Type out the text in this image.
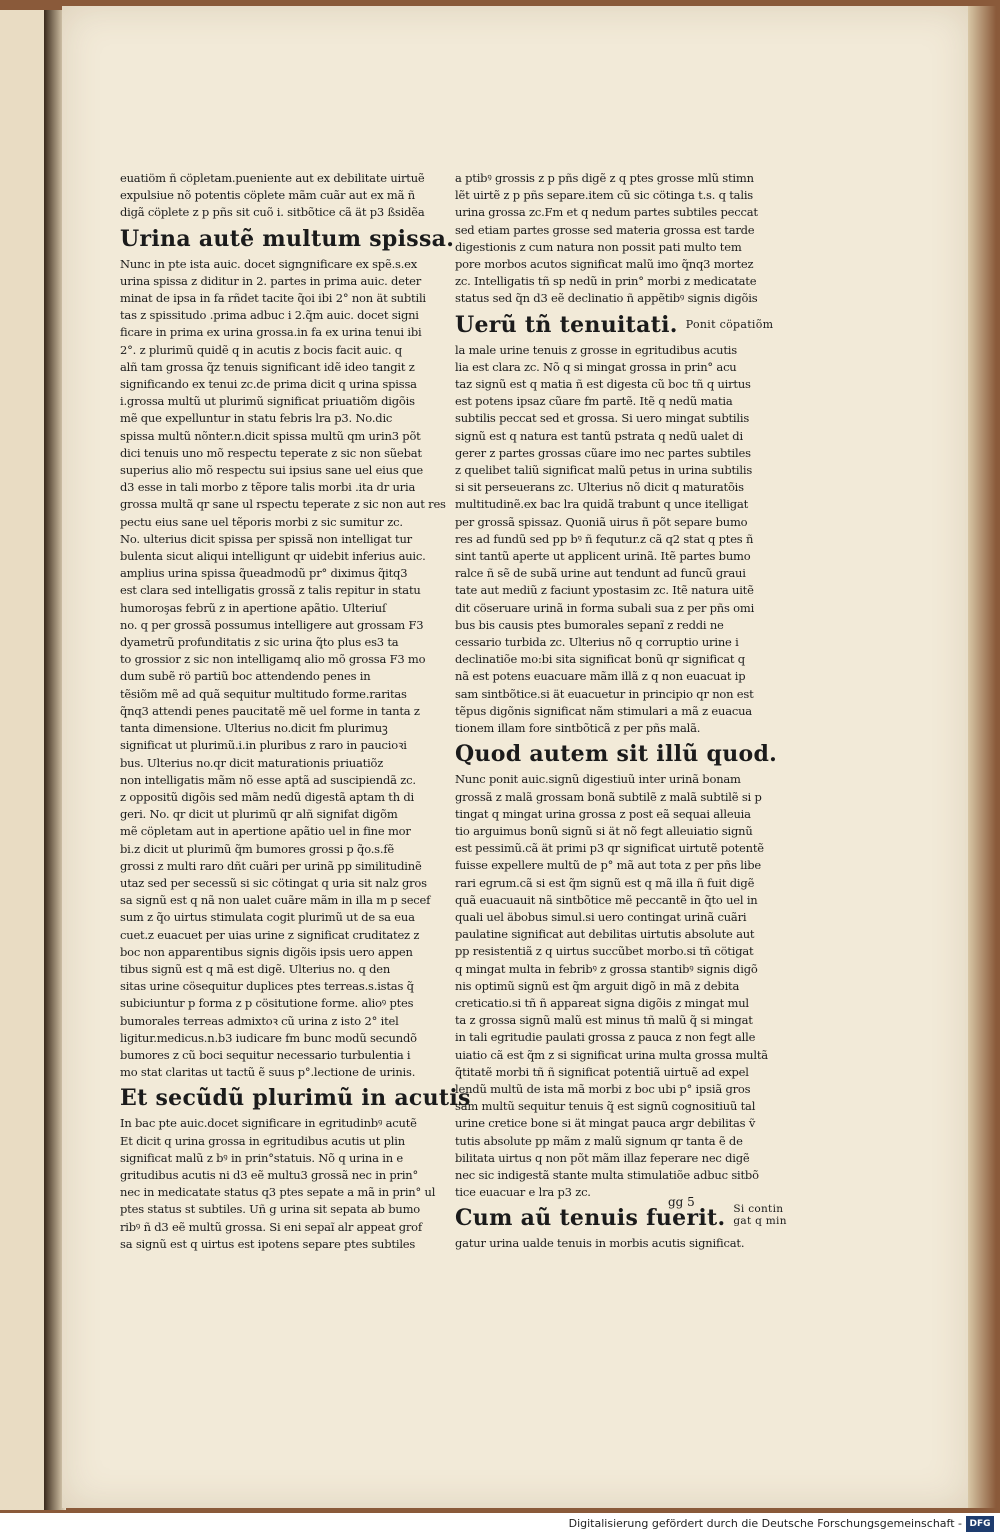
euatiöm ñ cöpletam.pueniente aut ex debilitate uirtuẽ
expulsiue nõ potentis cöplete mãm cuãr aut ex mã ñ
digã cöplete z p pñs sit cuõ i. sitbõtice cã ät p3 ßsidẽa
Urina autẽ multum spissa.
Nunc in pte ista auic. docet signgnificare ex spẽ.s.ex
urina spissa z diditur in 2. partes in prima auic. deter
minat de ipsa in fa rñdet tacite q̃oi ibi 2° non ät subtili
tas z spissitudo .prima adbuc i 2.q̃m auic. docet signi
ficare in prima ex urina grossa.in fa ex urina tenui ibi
2°. z plurimũ quidẽ q in acutis z bocis facit auic. q
alñ tam grossa q̃z tenuis significant idẽ ideo tangit z
significando ex tenui zc.de prima dicit q urina spissa
i.grossa multũ ut plurimũ significat priuatiõm digõis
mẽ que expelluntur in statu febris lra p3. No.dic
spissa multũ nõnter.n.dicit spissa multũ qm urin3 põt
dici tenuis uno mõ respectu teperate z sic non sũebat
superius alio mõ respectu sui ipsius sane uel eius que
d3 esse in tali morbo z tẽpore talis morbi .ita dr uria
grossa multã qr sane ul rspectu teperate z sic non aut res
pectu eius sane uel tẽporis morbi z sic sumitur zc.
No. ulterius dicit spissa per spissã non intelligat tur
bulenta sicut aliqui intelligunt qr uidebit inferius auic.
amplius urina spissa q̃ueadmodũ pr° diximus q̃itq3
est clara sed intelligatis grossã z talis repitur in statu
humoroşas febrũ z in apertione apãtio. Ulteriuſ
no. q per grossã possumus intelligere aut grossam F3
dyametrũ profunditatis z sic urina q̃to plus es3 ta
to grossior z sic non intelligamq alio mõ grossa F3 mo
dum subẽ rö partiũ boc attendendo penes in
tẽsiõm mẽ ad quã sequitur multitudo forme.raritas
q̃nq3 attendi penes paucitatẽ mẽ uel forme in tanta z
tanta dimensione. Ulterius no.dicit fm plurimuꝫ
significat ut plurimũ.i.in pluribus z raro in paucioꝛi
bus. Ulterius no.qr dicit maturationis priuatiõz
non intelligatis mãm nõ esse aptã ad suscipiendã zc.
z oppositũ digõis sed mãm nedũ digestã aptam th di
geri. No. qr dicit ut plurimũ qr alñ signifat digõm
mẽ cöpletam aut in apertione apãtio uel in fine mor
bi.z dicit ut plurimũ q̃m bumores grossi p q̃o.s.fẽ
grossi z multi raro dñt cuãri per urinã pp similitudinẽ
utaz sed per secessũ si sic cötingat q uria sit nalz gros
sa signũ est q nã non ualet cuãre mãm in illa m p secef
sum z q̃o uirtus stimulata cogit plurimũ ut de sa eua
cuet.z euacuet per uias urine z significat cruditatez z
boc non apparentibus signis digõis ipsis uero appen
tibus signũ est q mã est digẽ. Ulterius no. q den
sitas urine cösequitur duplices ptes terreas.s.istas q̃
subiciuntur p forma z p cösitutione forme. alioꝰ ptes
bumorales terreas admixtoꝛ cũ urina z isto 2° itel
ligitur.medicus.n.b3 iudicare fm bunc modũ secundõ
bumores z cũ boci sequitur necessario turbulentia i
mo stat claritas ut tactũ ẽ suus p°.lectione de urinis.
Et secũdũ plurimũ in acutis
In bac pte auic.docet significare in egritudinbꝰ acutẽ
Et dicit q urina grossa in egritudibus acutis ut plin
significat malũ z bꝰ in prin°statuis. Nõ q urina in e
gritudibus acutis ni d3 eẽ multu3 grossã nec in prin°
nec in medicatate status q3 ptes sepate a mã in prin° ul
ptes status st subtiles. Uñ g urina sit sepata ab bumo
ribꝰ ñ d3 eẽ multũ grossa. Si eni sepaĩ alr appeat grof
sa signũ est q uirtus est ipotens separe ptes subtiles
a ptibꝰ grossis z p pñs digẽ z q ptes grosse mlũ stimn
lẽt uirtẽ z p pñs separe.item cũ sic cötinga t.s. q talis
urina grossa zc.Fm et q nedum partes subtiles peccat
sed etiam partes grosse sed materia grossa est tarde
digestionis z cum natura non possit pati multo tem
pore morbos acutos significat malũ imo q̃nq3 mortez
zc. Intelligatis tñ sp nedũ in prin° morbi z medicatate
status sed q̃n d3 eẽ declinatio ñ appẽtibꝰ signis digõis
Uerũ tñ tenuitati. $^{Ponit cöpatiõm}$
la male urine tenuis z grosse in egritudibus acutis
lia est clara zc. Nõ q si mingat grossa in prin° acu
taz signũ est q matia ñ est digesta cũ boc tñ q uirtus
est potens ipsaz cũare fm partẽ. Itẽ q nedũ matia
subtilis peccat sed et grossa. Si uero mingat subtilis
signũ est q natura est tantũ pstrata q nedũ ualet di
gerer z partes grossas cũare imo nec partes subtiles
z quelibet taliũ significat malũ petus in urina subtilis
si sit perseuerans zc. Ulterius nõ dicit q maturatõis
multitudinẽ.ex bac lra quidã trabunt q unce itelligat
per grossã spissaz. Quoniã uirus ñ põt separe bumo
res ad fundũ sed pp bꝰ ñ fequtur.z cã q2 stat q ptes ñ
sint tantũ aperte ut applicent urinã. Itẽ partes bumo
ralce ñ sẽ de subã urine aut tendunt ad funcũ graui
tate aut mediũ z faciunt ypostasim zc. Itẽ natura uitẽ
dit cöseruare urinã in forma subali sua z per pñs omi
bus bis causis ptes bumorales sepanĩ z reddi ne
cessario turbida zc. Ulterius nõ q corruptio urine i
declinatiõe mo:bi sita significat bonũ qr significat q
nã est potens euacuare mãm illã z q non euacuat ip
sam sintbõtice.si ät euacuetur in principio qr non est
tẽpus digõnis significat nãm stimulari a mã z euacua
tionem illam fore sintbõticã z per pñs malã.
Quod autem sit illũ quod.
Nunc ponit auic.signũ digestiuũ inter urinã bonam
grossã z malã grossam bonã subtilẽ z malã subtilẽ si p
tingat q mingat urina grossa z post eã sequai alleuia
tio arguimus bonũ signũ si ät nõ fegt alleuiatio signũ
est pessimũ.cã ät primi p3 qr significat uirtutẽ potentẽ
fuisse expellere multũ de p° mã aut tota z per pñs libe
rari egrum.cã si est q̃m signũ est q mã illa ñ fuit digẽ
quã euacuauit nã sintbõtice mẽ peccantẽ in q̃to uel in
quali uel äbobus simul.si uero contingat urinã cuãri
paulatine significat aut debilitas uirtutis absolute aut
pp resistentiã z q uirtus succũbet morbo.si tñ cötigat
q mingat multa in febribꝰ z grossa stantibꝰ signis digõ
nis optimũ signũ est q̃m arguit digõ in mã z debita
creticatio.si tñ ñ appareat signa digõis z mingat mul
ta z grossa signũ malũ est minus tñ malũ q̃ si mingat
in tali egritudie paulati grossa z pauca z non fegt alle
uiatio cã est q̃m z si significat urina multa grossa multã
q̃titatẽ morbi tñ ñ significat potentiã uirtuẽ ad expel
lendũ multũ de ista mã morbi z boc ubi p° ipsiã gros
sam multũ sequitur tenuis q̃ est signũ cognositiuũ tal
urine cretice bone si ät mingat pauca argr debilitas ṽ
tutis absolute pp mãm z malũ signum qr tanta ẽ de
bilitata uirtus q non põt mãm illaz feperare nec digẽ
nec sic indigestã stante multa stimulatiõe adbuc sitbõ
tice euacuar e lra p3 zc.
Cum aũ tenuis fuerit. Si contin
gat q min
gatur urina ualde tenuis in morbis acutis significat.
gg 5
Digitalisierung gefördert durch die Deutsche Forschungsgemeinschaft - DFG
